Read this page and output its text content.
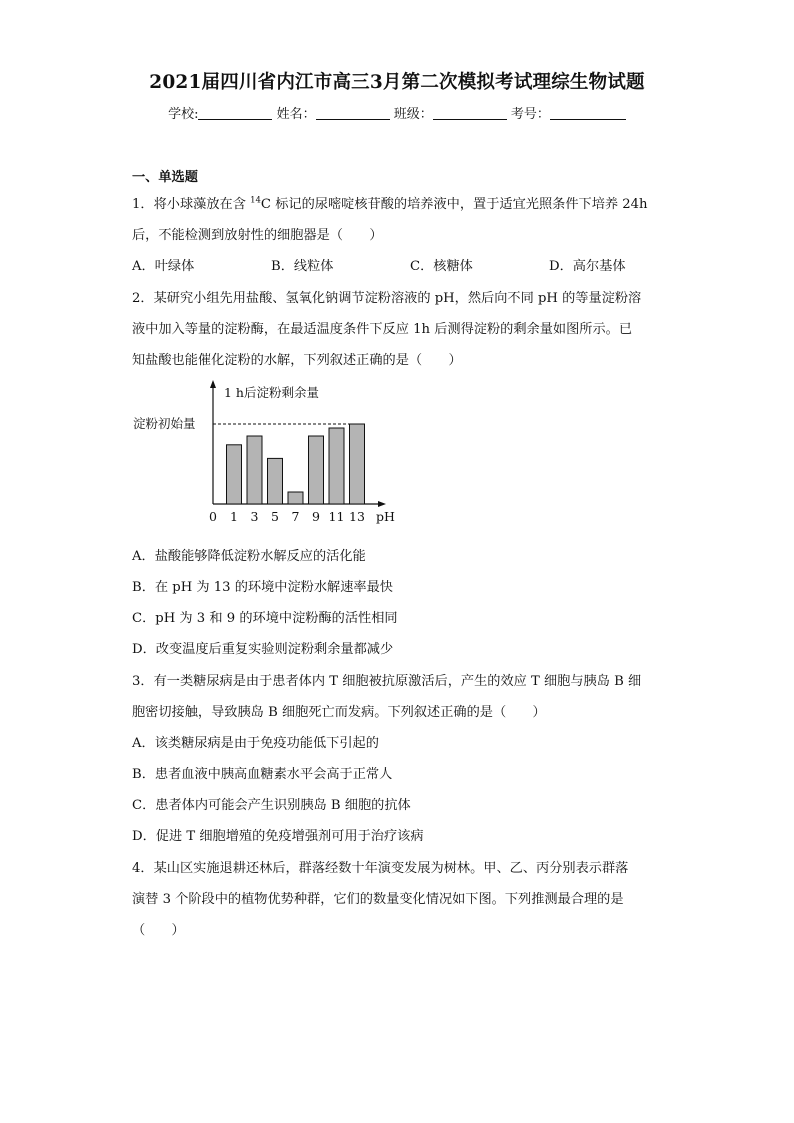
2021届四川省内江市高三3月第二次模拟考试理综生物试题
学校:	姓名：	班级：	考号：
一、单选题
1．将小球藻放在含 $^{14}$C 标记的尿嘧啶核苷酸的培养液中，置于适宜光照条件下培养 24h
后，不能检测到放射性的细胞器是（　　）
A．叶绿体	B．线粒体	C．核糖体	D．高尔基体
2．某研究小组先用盐酸、氢氧化钠调节淀粉溶液的 pH，然后向不同 pH 的等量淀粉溶
液中加入等量的淀粉酶，在最适温度条件下反应 1h 后测得淀粉的剩余量如图所示。已
知盐酸也能催化淀粉的水解，下列叙述正确的是（　　）
1 h后淀粉剩余量
淀粉初始量
0 1 3 5 7 9 11 13 pH
A．盐酸能够降低淀粉水解反应的活化能
B．在 pH 为 13 的环境中淀粉水解速率最快
C．pH 为 3 和 9 的环境中淀粉酶的活性相同
D．改变温度后重复实验则淀粉剩余量都减少
3．有一类糖尿病是由于患者体内 T 细胞被抗原激活后，产生的效应 T 细胞与胰岛 B 细
胞密切接触，导致胰岛 B 细胞死亡而发病。下列叙述正确的是（　　）
A．该类糖尿病是由于免疫功能低下引起的
B．患者血液中胰高血糖素水平会高于正常人
C．患者体内可能会产生识别胰岛 B 细胞的抗体
D．促进 T 细胞增殖的免疫增强剂可用于治疗该病
4．某山区实施退耕还林后，群落经数十年演变发展为树林。甲、乙、丙分别表示群落
演替 3 个阶段中的植物优势种群，它们的数量变化情况如下图。下列推测最合理的是
（　　）
